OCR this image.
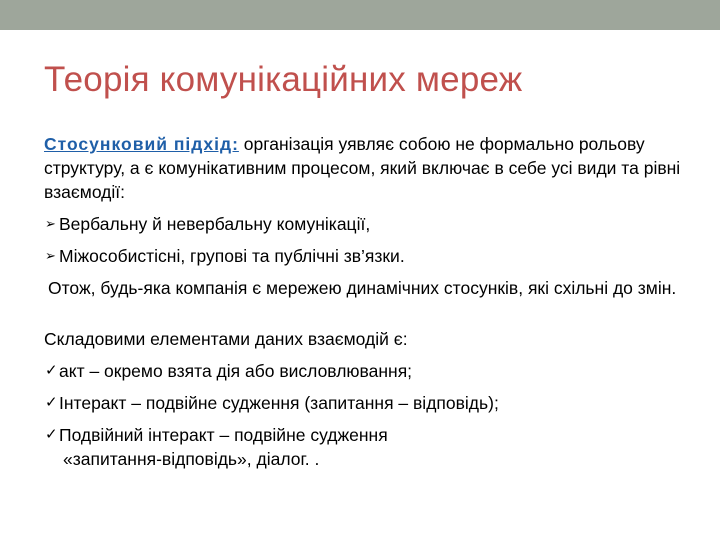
Теорія комунікаційних мереж

Стосунковий підхід: організація уявляє собою не формально рольову структуру, а є комунікативним процесом, який включає в себе усі види та рівні взаємодії:

➢ Вербальну й невербальну комунікації,
➢ Міжособистісні, групові та публічні зв’язки.

Отож, будь-яка компанія є мережею динамічних стосунків, які схільні до змін.

Складовими елементами даних взаємодій є:

✓ акт – окремо взята дія або висловлювання;
✓ Інтеракт – подвійне судження (запитання – відповідь);
✓ Подвійний інтеракт – подвійне судження
«запитання-відповідь», діалог. .
